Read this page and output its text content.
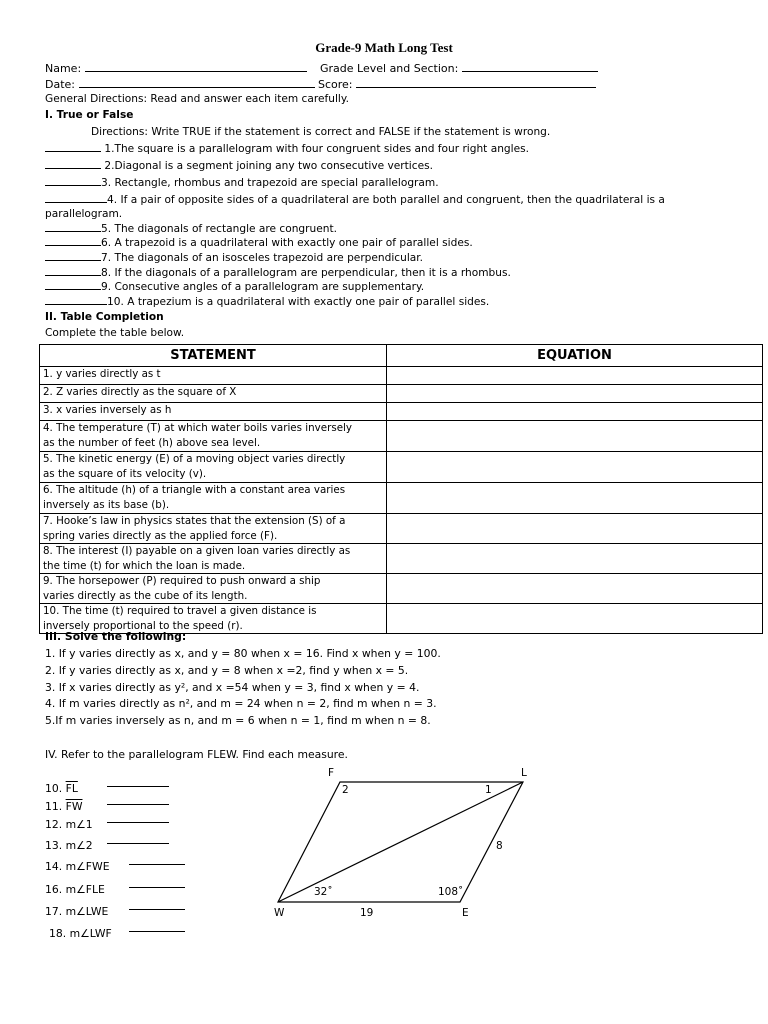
Grade-9 Math Long Test
Name:	Grade Level and Section:
Date:	Score:
General Directions: Read and answer each item carefully.
I. True or False
Directions: Write TRUE if the statement is correct and FALSE if the statement is wrong.
1.The square is a parallelogram with four congruent sides and four right angles.
2.Diagonal is a segment joining any two consecutive vertices.
3. Rectangle, rhombus and trapezoid are special parallelogram.
4. If a pair of opposite sides of a quadrilateral are both parallel and congruent, then the quadrilateral is a
parallelogram.
5. The diagonals of rectangle are congruent.
6. A trapezoid is a quadrilateral with exactly one pair of parallel sides.
7. The diagonals of an isosceles trapezoid are perpendicular.
8. If the diagonals of a parallelogram are perpendicular, then it is a rhombus.
9. Consecutive angles of a parallelogram are supplementary.
10. A trapezium is a quadrilateral with exactly one pair of parallel sides.
II. Table Completion
Complete the table below.
STATEMENT	EQUATION
1. y varies directly as t	
2. Z varies directly as the square of X	
3. x varies inversely as h	
4. The temperature (T) at which water boils varies inversely
as the number of feet (h) above sea level.	
5. The kinetic energy (E) of a moving object varies directly
as the square of its velocity (v).	
6. The altitude (h) of a triangle with a constant area varies
inversely as its base (b).	
7. Hooke’s law in physics states that the extension (S) of a
spring varies directly as the applied force (F).	
8. The interest (I) payable on a given loan varies directly as
the time (t) for which the loan is made.	
9. The horsepower (P) required to push onward a ship
varies directly as the cube of its length.	
10. The time (t) required to travel a given distance is
inversely proportional to the speed (r).	
III. Solve the following:
1. If y varies directly as x, and y = 80 when x = 16. Find x when y = 100.
2. If y varies directly as x, and y = 8 when x =2, find y when x = 5.
3. If x varies directly as y², and x =54 when y = 3, find x when y = 4.
4. If m varies directly as n², and m = 24 when n = 2, find m when n = 3.
5.If m varies inversely as n, and m = 6 when n = 1, find m when n = 8.
IV. Refer to the parallelogram FLEW. Find each measure.
10. $\overline{FL}$
11. $\overline{FW}$
12. m∠1
13. m∠2
14. m∠FWE
16. m∠FLE
17. m∠LWE
18. m∠LWF
F	L
W	E
2	1
32˚	108˚
8
19
